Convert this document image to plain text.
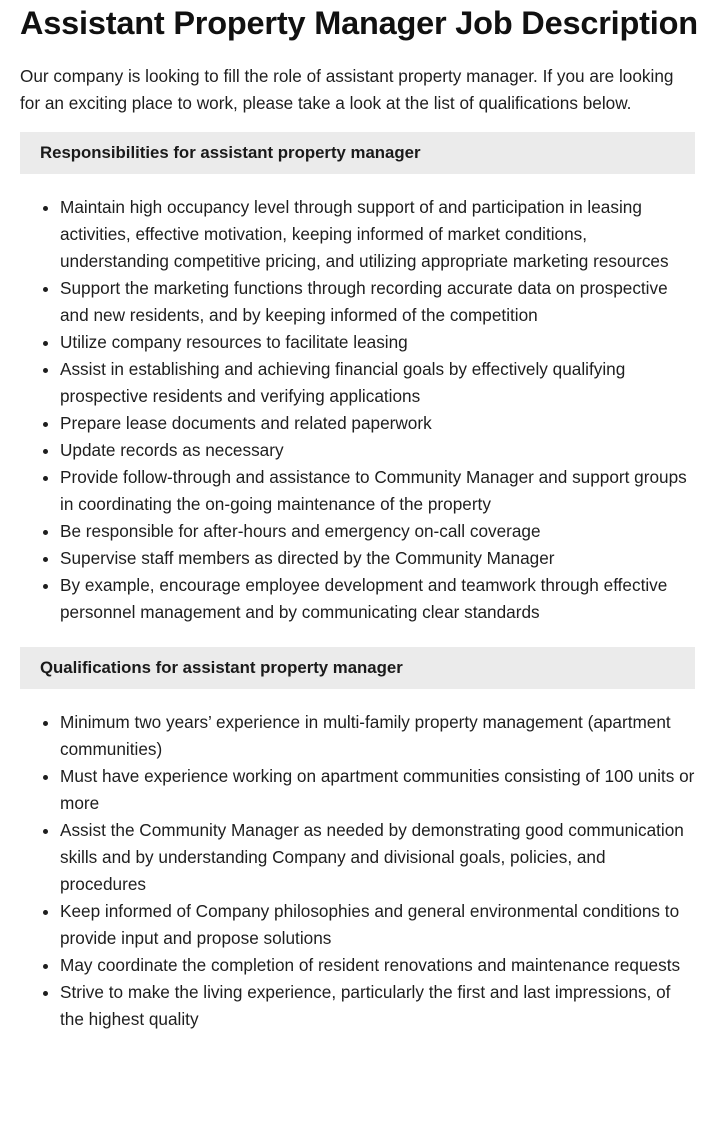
Assistant Property Manager Job Description

Our company is looking to fill the role of assistant property manager. If you are looking for an exciting place to work, please take a look at the list of qualifications below.

Responsibilities for assistant property manager
• Maintain high occupancy level through support of and participation in leasing activities, effective motivation, keeping informed of market conditions, understanding competitive pricing, and utilizing appropriate marketing resources
• Support the marketing functions through recording accurate data on prospective and new residents, and by keeping informed of the competition
• Utilize company resources to facilitate leasing
• Assist in establishing and achieving financial goals by effectively qualifying prospective residents and verifying applications
• Prepare lease documents and related paperwork
• Update records as necessary
• Provide follow-through and assistance to Community Manager and support groups in coordinating the on-going maintenance of the property
• Be responsible for after-hours and emergency on-call coverage
• Supervise staff members as directed by the Community Manager
• By example, encourage employee development and teamwork through effective personnel management and by communicating clear standards
Qualifications for assistant property manager
• Minimum two years’ experience in multi-family property management (apartment communities)
• Must have experience working on apartment communities consisting of 100 units or more
• Assist the Community Manager as needed by demonstrating good communication skills and by understanding Company and divisional goals, policies, and procedures
• Keep informed of Company philosophies and general environmental conditions to provide input and propose solutions
• May coordinate the completion of resident renovations and maintenance requests
• Strive to make the living experience, particularly the first and last impressions, of the highest quality
